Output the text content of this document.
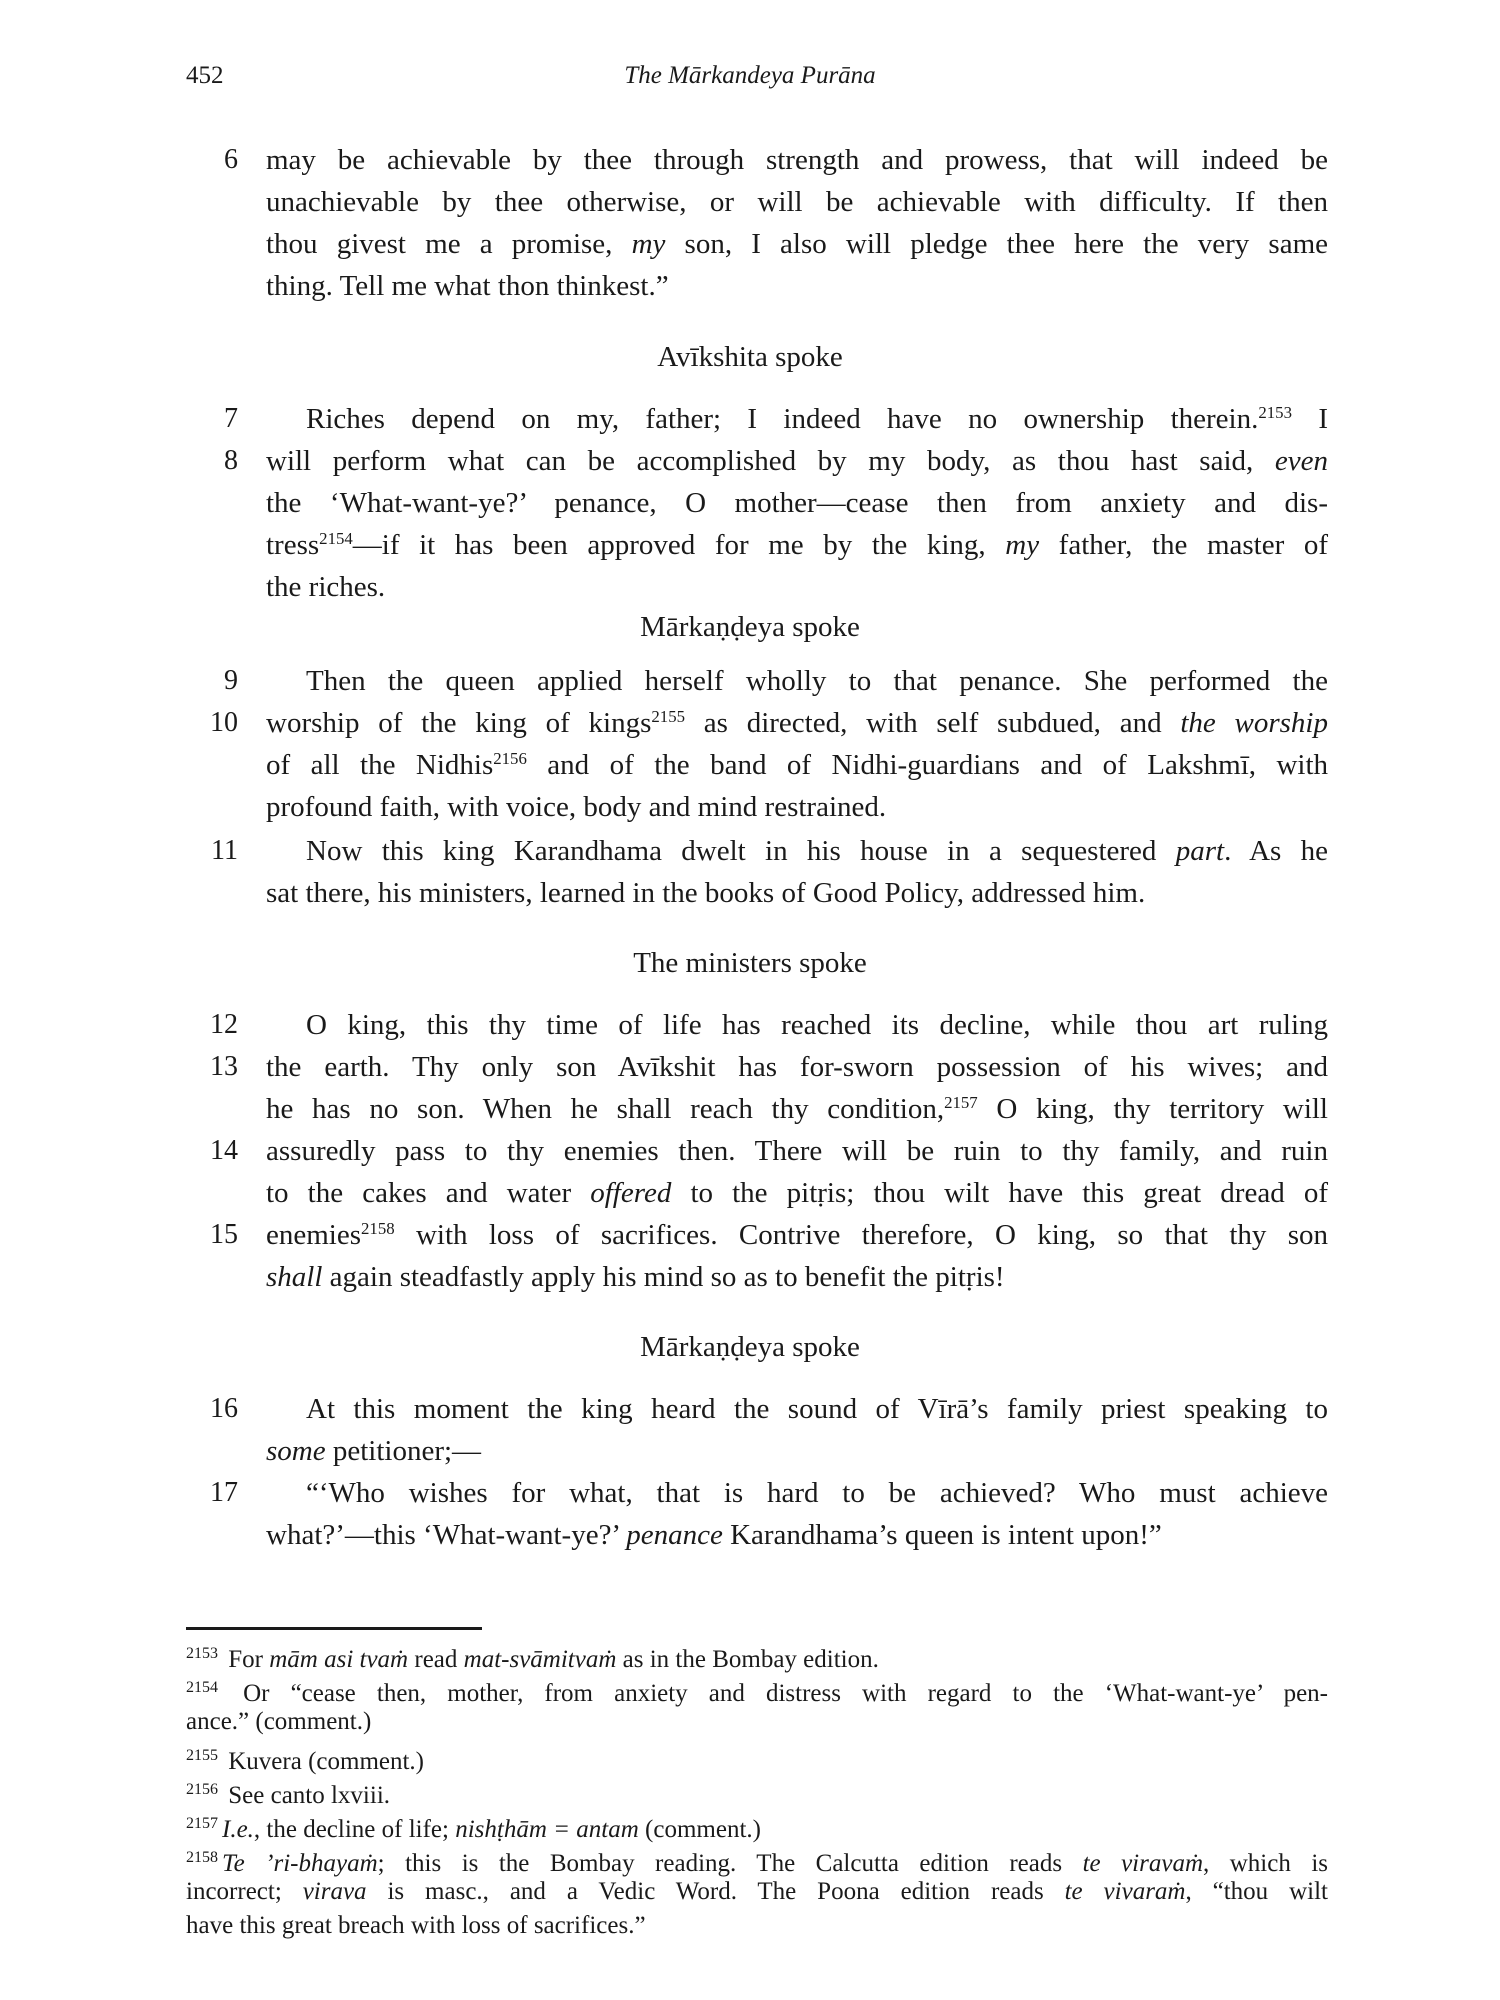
452	The Mārkandeya Purāna
6
7
8
9
10
11
12
13
14
15
16
17
may be achievable by thee through strength and prowess, that will indeed be
unachievable by thee otherwise, or will be achievable with difficulty. If then
thou givest me a promise, my son, I also will pledge thee here the very same
thing. Tell me what thon thinkest.”
Avīkshita spoke
Riches depend on my, father; I indeed have no ownership therein.$^{2153}$ I
will perform what can be accomplished by my body, as thou hast said, even
the ‘What-want-ye?’ penance, O mother—cease then from anxiety and dis-
tress$^{2154}$—if it has been approved for me by the king, my father, the master of
the riches.
Mārkaṇḍeya spoke
Then the queen applied herself wholly to that penance. She performed the
worship of the king of kings$^{2155}$ as directed, with self subdued, and the worship
of all the Nidhis$^{2156}$ and of the band of Nidhi-guardians and of Lakshmī, with
profound faith, with voice, body and mind restrained.
Now this king Karandhama dwelt in his house in a sequestered part. As he
sat there, his ministers, learned in the books of Good Policy, addressed him.
The ministers spoke
O king, this thy time of life has reached its decline, while thou art ruling
the earth. Thy only son Avīkshit has for-sworn possession of his wives; and
he has no son. When he shall reach thy condition,$^{2157}$ O king, thy territory will
assuredly pass to thy enemies then. There will be ruin to thy family, and ruin
to the cakes and water offered to the pitṛis; thou wilt have this great dread of
enemies$^{2158}$ with loss of sacrifices. Contrive therefore, O king, so that thy son
shall again steadfastly apply his mind so as to benefit the pitṛis!
Mārkaṇḍeya spoke
At this moment the king heard the sound of Vīrā’s family priest speaking to
some petitioner;—
“‘Who wishes for what, that is hard to be achieved? Who must achieve
what?’—this ‘What-want-ye?’ penance Karandhama’s queen is intent upon!”
$^{2153}$ For mām asi tvaṁ read mat-svāmitvaṁ as in the Bombay edition.
$^{2154}$ Or “cease then, mother, from anxiety and distress with regard to the ‘What-want-ye’ pen-
ance.” (comment.)
$^{2155}$ Kuvera (comment.)
$^{2156}$ See canto lxviii.
$^{2157}$ I.e., the decline of life; nishṭhām = antam (comment.)
$^{2158}$ Te ’ri-bhayaṁ; this is the Bombay reading. The Calcutta edition reads te viravaṁ, which is
incorrect; virava is masc., and a Vedic Word. The Poona edition reads te vivaraṁ, “thou wilt
have this great breach with loss of sacrifices.”
